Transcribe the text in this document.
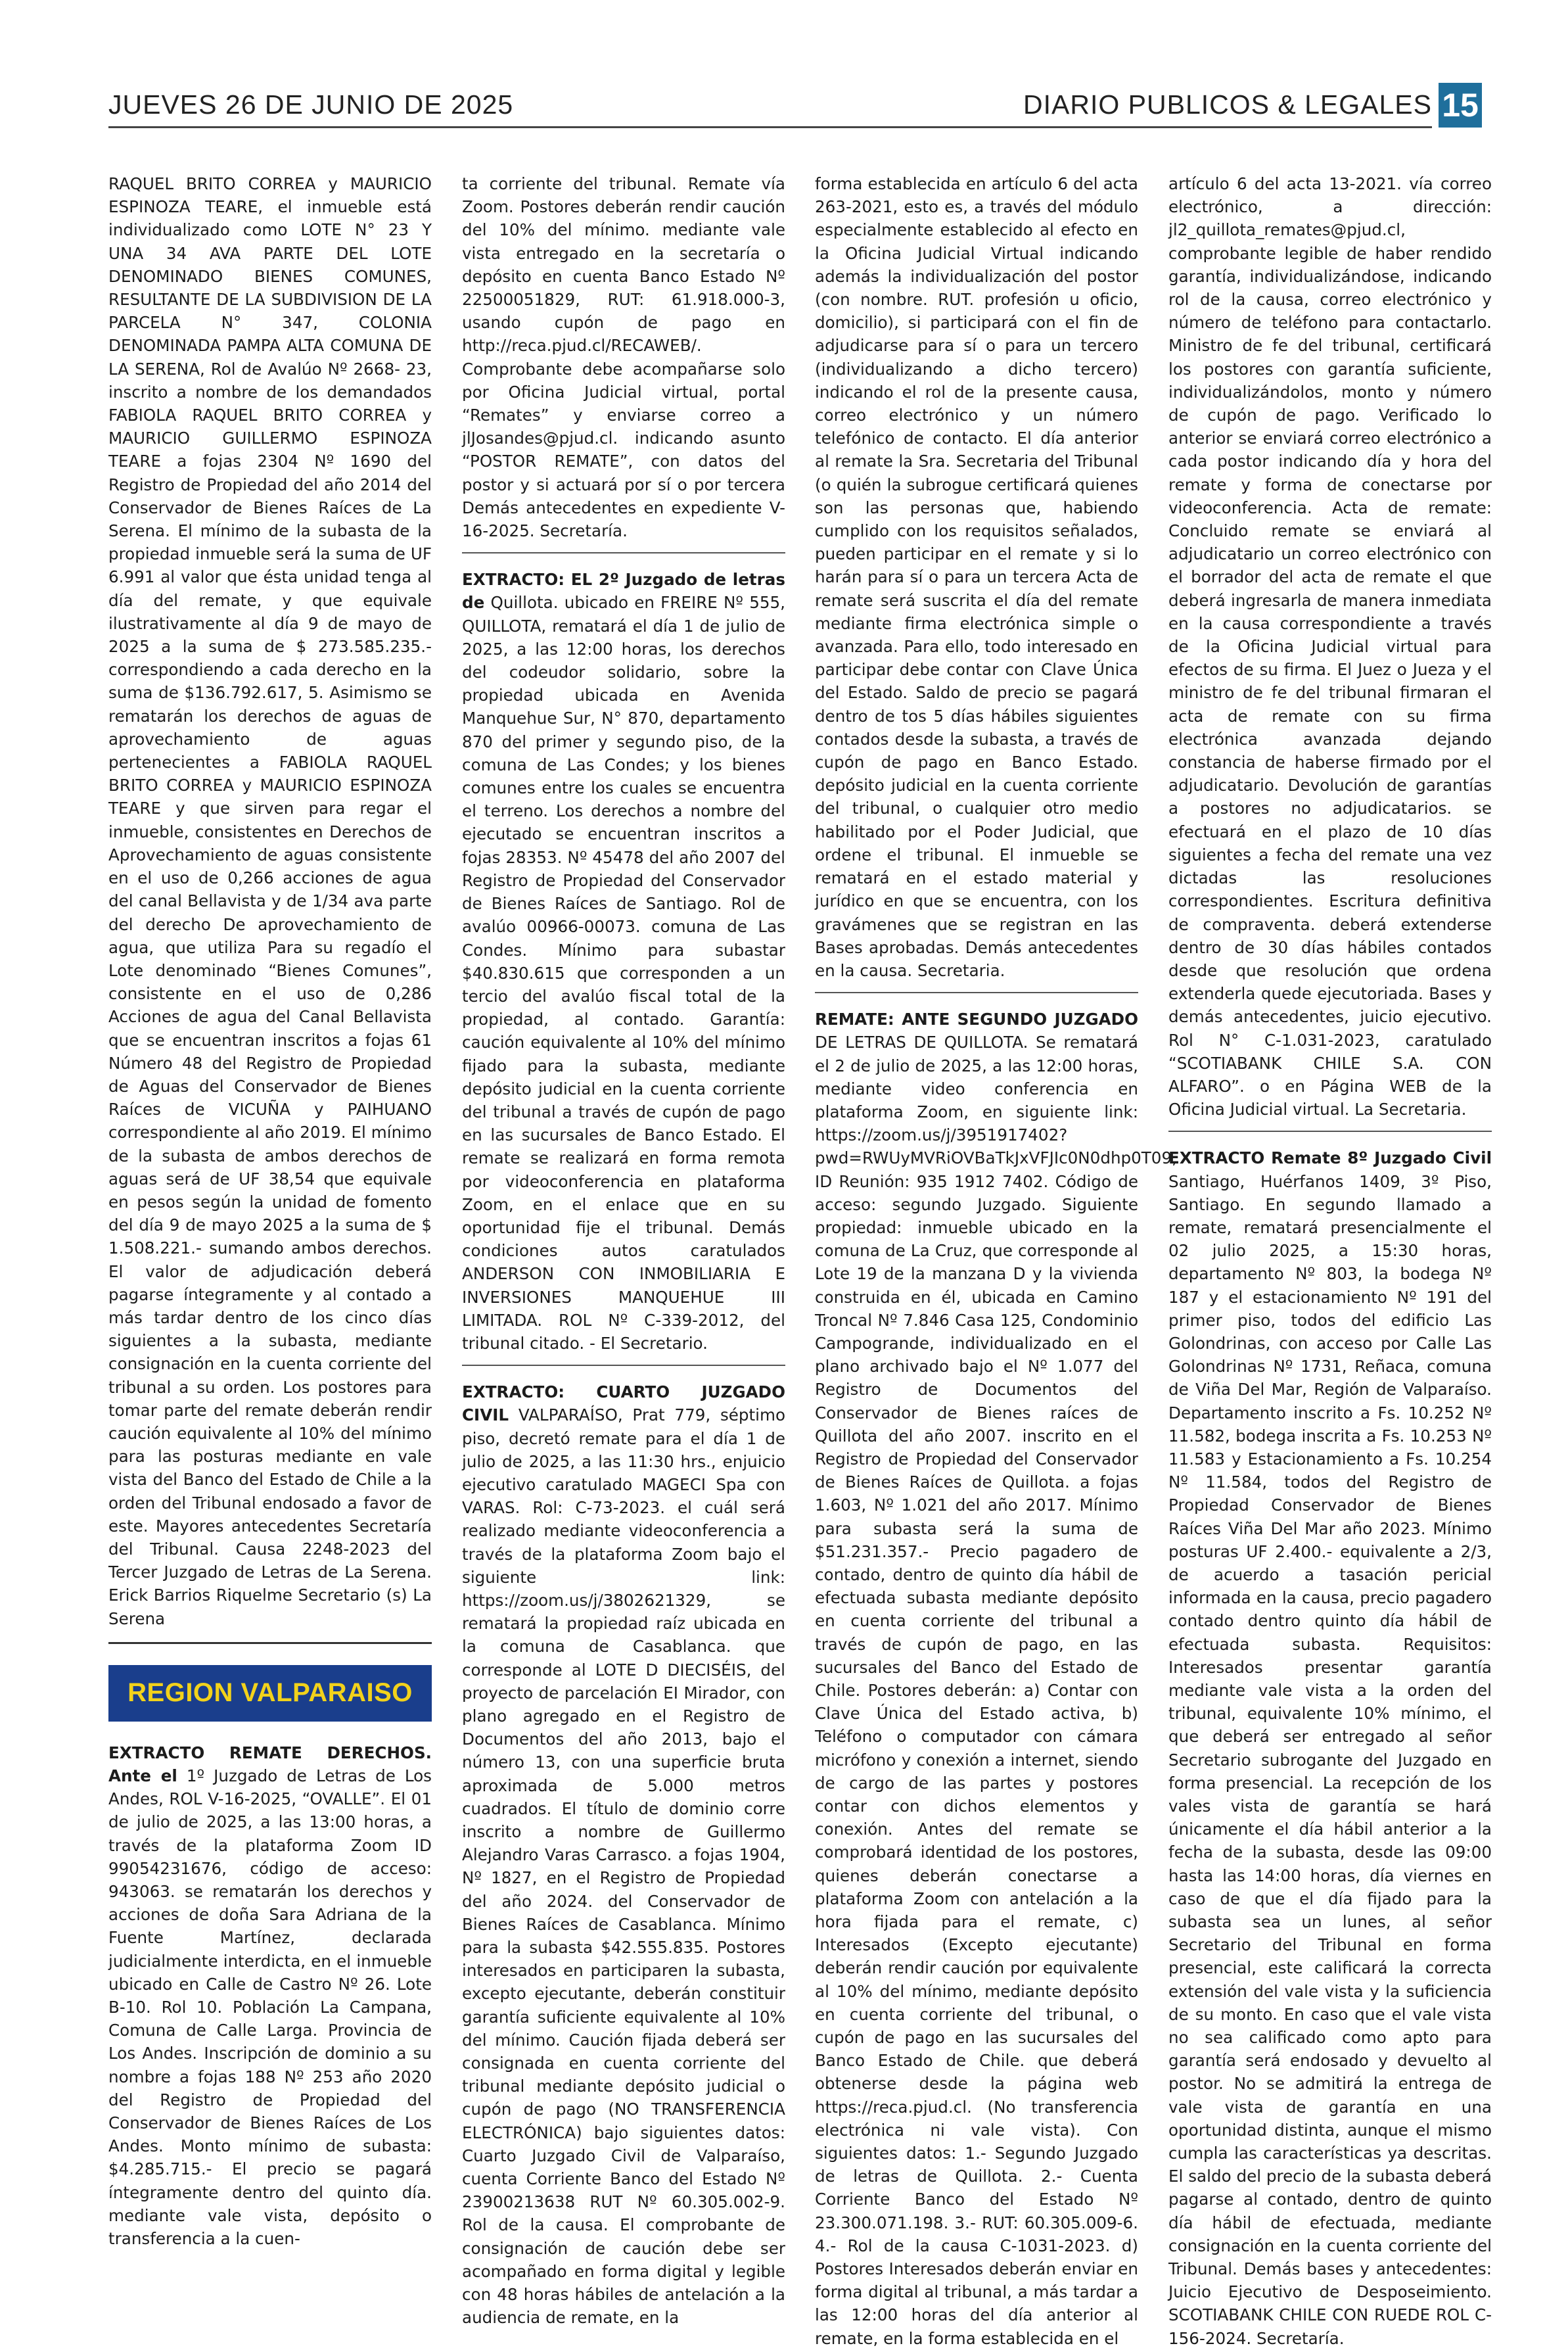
JUEVES 26 DE JUNIO DE 2025	DIARIO PUBLICOS & LEGALES 15

RAQUEL BRITO CORREA y MAURICIO ESPINOZA TEARE, el inmueble está individualizado como LOTE N° 23 Y UNA 34 AVA PARTE DEL LOTE DENOMINADO BIENES COMUNES, RESULTANTE DE LA SUBDIVISION DE LA PARCELA N° 347, COLONIA DENOMINADA PAMPA ALTA COMUNA DE LA SERENA, Rol de Avalúo Nº 2668- 23, inscrito a nombre de los demandados FABIOLA RAQUEL BRITO CORREA y MAURICIO GUILLERMO ESPINOZA TEARE a fojas 2304 Nº 1690 del Registro de Propiedad del año 2014 del Conservador de Bienes Raíces de La Serena. El mínimo de la subasta de la propiedad inmueble será la suma de UF 6.991 al valor que ésta unidad tenga al día del remate, y que equivale ilustrativamente al día 9 de mayo de 2025 a la suma de $ 273.585.235.- correspondiendo a cada derecho en la suma de $136.792.617, 5. Asimismo se rematarán los derechos de aguas de aprovechamiento de aguas pertenecientes a FABIOLA RAQUEL BRITO CORREA y MAURICIO ESPINOZA TEARE y que sirven para regar el inmueble, consistentes en Derechos de Aprovechamiento de aguas consistente en el uso de 0,266 acciones de agua del canal Bellavista y de 1/34 ava parte del derecho De aprovechamiento de agua, que utiliza Para su regadío el Lote denominado “Bienes Comunes”, consistente en el uso de 0,286 Acciones de agua del Canal Bellavista que se encuentran inscritos a fojas 61 Número 48 del Registro de Propiedad de Aguas del Conservador de Bienes Raíces de VICUÑA y PAIHUANO correspondiente al año 2019. El mínimo de la subasta de ambos derechos de aguas será de UF 38,54 que equivale en pesos según la unidad de fomento del día 9 de mayo 2025 a la suma de $ 1.508.221.- sumando ambos derechos. El valor de adjudicación deberá pagarse íntegramente y al contado a más tardar dentro de los cinco días siguientes a la subasta, mediante consignación en la cuenta corriente del tribunal a su orden. Los postores para tomar parte del remate deberán rendir caución equivalente al 10% del mínimo para las posturas mediante en vale vista del Banco del Estado de Chile a la orden del Tribunal endosado a favor de este. Mayores antecedentes Secretaría del Tribunal. Causa 2248-2023 del Tercer Juzgado de Letras de La Serena. Erick Barrios Riquelme Secretario (s) La Serena

REGION VALPARAISO

EXTRACTO REMATE DERECHOS. Ante el 1º Juzgado de Letras de Los Andes, ROL V-16-2025, “OVALLE”. El 01 de julio de 2025, a las 13:00 horas, a través de la plataforma Zoom ID 99054231676, código de acceso: 943063. se rematarán los derechos y acciones de doña Sara Adriana de la Fuente Martínez, declarada judicialmente interdicta, en el inmueble ubicado en Calle de Castro Nº 26. Lote B-10. Rol 10. Población La Campana, Comuna de Calle Larga. Provincia de Los Andes. Inscripción de dominio a su nombre a fojas 188 Nº 253 año 2020 del Registro de Propiedad del Conservador de Bienes Raíces de Los Andes. Monto mínimo de subasta: $4.285.715.- El precio se pagará íntegramente dentro del quinto día. mediante vale vista, depósito o transferencia a la cuen-

ta corriente del tribunal. Remate vía Zoom. Postores deberán rendir caución del 10% del mínimo. mediante vale vista entregado en la secretaría o depósito en cuenta Banco Estado Nº 22500051829, RUT: 61.918.000-3, usando cupón de pago en http://reca.pjud.cl/RECAWEB/. Comprobante debe acompañarse solo por Oficina Judicial virtual, portal “Remates” y enviarse correo a jlJosandes@pjud.cl. indicando asunto “POSTOR REMATE”, con datos del postor y si actuará por sí o por tercera Demás antecedentes en expediente V-16-2025. Secretaría.

EXTRACTO: EL 2º Juzgado de letras de Quillota. ubicado en FREIRE Nº 555, QUILLOTA, rematará el día 1 de julio de 2025, a las 12:00 horas, los derechos del codeudor solidario, sobre la propiedad ubicada en Avenida Manquehue Sur, N° 870, departamento 870 del primer y segundo piso, de la comuna de Las Condes; y los bienes comunes entre los cuales se encuentra el terreno. Los derechos a nombre del ejecutado se encuentran inscritos a fojas 28353. Nº 45478 del año 2007 del Registro de Propiedad del Conservador de Bienes Raíces de Santiago. Rol de avalúo 00966-00073. comuna de Las Condes. Mínimo para subastar $40.830.615 que corresponden a un tercio del avalúo fiscal total de la propiedad, al contado. Garantía: caución equivalente al 10% del mínimo fijado para la subasta, mediante depósito judicial en la cuenta corriente del tribunal a través de cupón de pago en las sucursales de Banco Estado. El remate se realizará en forma remota por videoconferencia en plataforma Zoom, en el enlace que en su oportunidad fije el tribunal. Demás condiciones autos caratulados ANDERSON CON INMOBILIARIA E INVERSIONES MANQUEHUE III LIMITADA. ROL Nº C-339-2012, del tribunal citado. - El Secretario.

EXTRACTO: CUARTO JUZGADO CIVIL VALPARAÍSO, Prat 779, séptimo piso, decretó remate para el día 1 de julio de 2025, a las 11:30 hrs., enjuicio ejecutivo caratulado MAGECI Spa con VARAS. Rol: C-73-2023. el cuál será realizado mediante videoconferencia a través de la plataforma Zoom bajo el siguiente link: https://zoom.us/j/3802621329, se rematará la propiedad raíz ubicada en la comuna de Casablanca. que corresponde al LOTE D DIECISÉIS, del proyecto de parcelación EI Mirador, con plano agregado en el Registro de Documentos del año 2013, bajo el número 13, con una superficie bruta aproximada de 5.000 metros cuadrados. El título de dominio corre inscrito a nombre de Guillermo Alejandro Varas Carrasco. a fojas 1904, Nº 1827, en el Registro de Propiedad del año 2024. del Conservador de Bienes Raíces de Casablanca. Mínimo para la subasta $42.555.835. Postores interesados en participaren la subasta, excepto ejecutante, deberán constituir garantía suficiente equivalente al 10% del mínimo. Caución fijada deberá ser consignada en cuenta corriente del tribunal mediante depósito judicial o cupón de pago (NO TRANSFERENCIA ELECTRÓNICA) bajo siguientes datos: Cuarto Juzgado Civil de Valparaíso, cuenta Corriente Banco del Estado Nº 23900213638 RUT Nº 60.305.002-9. Rol de la causa. El comprobante de consignación de caución debe ser acompañado en forma digital y legible con 48 horas hábiles de antelación a la audiencia de remate, en la

forma establecida en artículo 6 del acta 263-2021, esto es, a través del módulo especialmente establecido al efecto en la Oficina Judicial Virtual indicando además la individualización del postor (con nombre. RUT. profesión u oficio, domicilio), si participará con el fin de adjudicarse para sí o para un tercero (individualizando a dicho tercero) indicando el rol de la presente causa, correo electrónico y un número telefónico de contacto. El día anterior al remate la Sra. Secretaria del Tribunal (o quién la subrogue certificará quienes son las personas que, habiendo cumplido con los requisitos señalados, pueden participar en el remate y si lo harán para sí o para un tercera Acta de remate será suscrita el día del remate mediante firma electrónica simple o avanzada. Para ello, todo interesado en participar debe contar con Clave Única del Estado. Saldo de precio se pagará dentro de tos 5 días hábiles siguientes contados desde la subasta, a través de cupón de pago en Banco Estado. depósito judicial en la cuenta corriente del tribunal, o cualquier otro medio habilitado por el Poder Judicial, que ordene el tribunal. El inmueble se rematará en el estado material y jurídico en que se encuentra, con los gravámenes que se registran en las Bases aprobadas. Demás antecedentes en la causa. Secretaria.

REMATE: ANTE SEGUNDO JUZGADO DE LETRAS DE QUILLOTA. Se rematará el 2 de julio de 2025, a las 12:00 horas, mediante video conferencia en plataforma Zoom, en siguiente link: https://zoom.us/j/3951917402?pwd=RWUyMVRiOVBaTkJxVFJIc0N0dhp0T09, ID Reunión: 935 1912 7402. Código de acceso: segundo Juzgado. Siguiente propiedad: inmueble ubicado en la comuna de La Cruz, que corresponde al Lote 19 de la manzana D y la vivienda construida en él, ubicada en Camino Troncal Nº 7.846 Casa 125, Condominio Campogrande, individualizado en el plano archivado bajo el Nº 1.077 del Registro de Documentos del Conservador de Bienes raíces de Quillota del año 2007. inscrito en el Registro de Propiedad del Conservador de Bienes Raíces de Quillota. a fojas 1.603, Nº 1.021 del año 2017. Mínimo para subasta será la suma de $51.231.357.- Precio pagadero de contado, dentro de quinto día hábil de efectuada subasta mediante depósito en cuenta corriente del tribunal a través de cupón de pago, en las sucursales del Banco del Estado de Chile. Postores deberán: a) Contar con Clave Única del Estado activa, b) Teléfono o computador con cámara micrófono y conexión a internet, siendo de cargo de las partes y postores contar con dichos elementos y conexión. Antes del remate se comprobará identidad de los postores, quienes deberán conectarse a plataforma Zoom con antelación a la hora fijada para el remate, c) Interesados (Excepto ejecutante) deberán rendir caución por equivalente al 10% del mínimo, mediante depósito en cuenta corriente del tribunal, o cupón de pago en las sucursales del Banco Estado de Chile. que deberá obtenerse desde la página web https://reca.pjud.cl. (No transferencia electrónica ni vale vista). Con siguientes datos: 1.- Segundo Juzgado de letras de Quillota. 2.- Cuenta Corriente Banco del Estado Nº 23.300.071.198. 3.- RUT: 60.305.009-6. 4.- Rol de la causa C-1031-2023. d) Postores Interesados deberán enviar en forma digital al tribunal, a más tardar a las 12:00 horas del día anterior al remate, en la forma establecida en el

artículo 6 del acta 13-2021. vía correo electrónico, a dirección: jl2_quillota_remates@pjud.cl, comprobante legible de haber rendido garantía, individualizándose, indicando rol de la causa, correo electrónico y número de teléfono para contactarlo. Ministro de fe del tribunal, certificará los postores con garantía suficiente, individualizándolos, monto y número de cupón de pago. Verificado lo anterior se enviará correo electrónico a cada postor indicando día y hora del remate y forma de conectarse por videoconferencia. Acta de remate: Concluido remate se enviará al adjudicatario un correo electrónico con el borrador del acta de remate el que deberá ingresarla de manera inmediata en la causa correspondiente a través de la Oficina Judicial virtual para efectos de su firma. El Juez o Jueza y el ministro de fe del tribunal firmaran el acta de remate con su firma electrónica avanzada dejando constancia de haberse firmado por el adjudicatario. Devolución de garantías a postores no adjudicatarios. se efectuará en el plazo de 10 días siguientes a fecha del remate una vez dictadas las resoluciones correspondientes. Escritura definitiva de compraventa. deberá extenderse dentro de 30 días hábiles contados desde que resolución que ordena extenderla quede ejecutoriada. Bases y demás antecedentes, juicio ejecutivo. Rol N° C-1.031-2023, caratulado “SCOTIABANK CHILE S.A. CON ALFARO”. o en Página WEB de la Oficina Judicial virtual. La Secretaria.

EXTRACTO Remate 8º Juzgado Civil Santiago, Huérfanos 1409, 3º Piso, Santiago. En segundo llamado a remate, rematará presencialmente el 02 julio 2025, a 15:30 horas, departamento Nº 803, la bodega Nº 187 y el estacionamiento Nº 191 del primer piso, todos del edificio Las Golondrinas, con acceso por Calle Las Golondrinas Nº 1731, Reñaca, comuna de Viña Del Mar, Región de Valparaíso. Departamento inscrito a Fs. 10.252 Nº 11.582, bodega inscrita a Fs. 10.253 Nº 11.583 y Estacionamiento a Fs. 10.254 Nº 11.584, todos del Registro de Propiedad Conservador de Bienes Raíces Viña Del Mar año 2023. Mínimo posturas UF 2.400.- equivalente a 2/3, de acuerdo a tasación pericial informada en la causa, precio pagadero contado dentro quinto día hábil de efectuada subasta. Requisitos: Interesados presentar garantía mediante vale vista a la orden del tribunal, equivalente 10% mínimo, el que deberá ser entregado al señor Secretario subrogante del Juzgado en forma presencial. La recepción de los vales vista de garantía se hará únicamente el día hábil anterior a la fecha de la subasta, desde las 09:00 hasta las 14:00 horas, día viernes en caso de que el día fijado para la subasta sea un lunes, al señor Secretario del Tribunal en forma presencial, este calificará la correcta extensión del vale vista y la suficiencia de su monto. En caso que el vale vista no sea calificado como apto para garantía será endosado y devuelto al postor. No se admitirá la entrega de vale vista de garantía en una oportunidad distinta, aunque el mismo cumpla las características ya descritas. El saldo del precio de la subasta deberá pagarse al contado, dentro de quinto día hábil de efectuada, mediante consignación en la cuenta corriente del Tribunal. Demás bases y antecedentes: Juicio Ejecutivo de Desposeimiento. SCOTIABANK CHILE CON RUEDE ROL C-156-2024. Secretaría.
